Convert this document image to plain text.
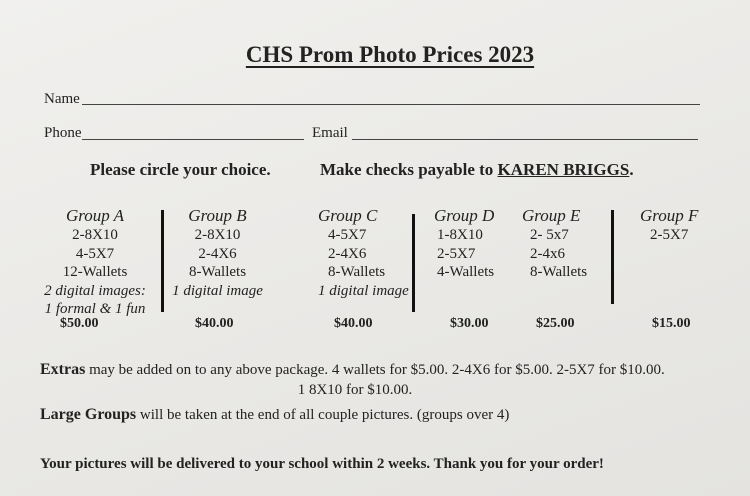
CHS Prom Photo Prices 2023
Name
Phone	Email
Please circle your choice.	Make checks payable to KAREN BRIGGS.
Group A
2-8X10
4-5X7
12-Wallets
2 digital images:
1 formal & 1 fun
$50.00
Group B
2-8X10
2-4X6
8-Wallets
1 digital image
$40.00
Group C
4-5X7
2-4X6
8-Wallets
1 digital image
$40.00
Group D
1-8X10
2-5X7
4-Wallets
$30.00
Group E
2- 5x7
2-4x6
8-Wallets
$25.00
Group F
2-5X7
$15.00
Extras may be added on to any above package. 4 wallets for $5.00. 2-4X6 for $5.00. 2-5X7 for $10.00.
1 8X10 for $10.00.
Large Groups will be taken at the end of all couple pictures. (groups over 4)
Your pictures will be delivered to your school within 2 weeks. Thank you for your order!
